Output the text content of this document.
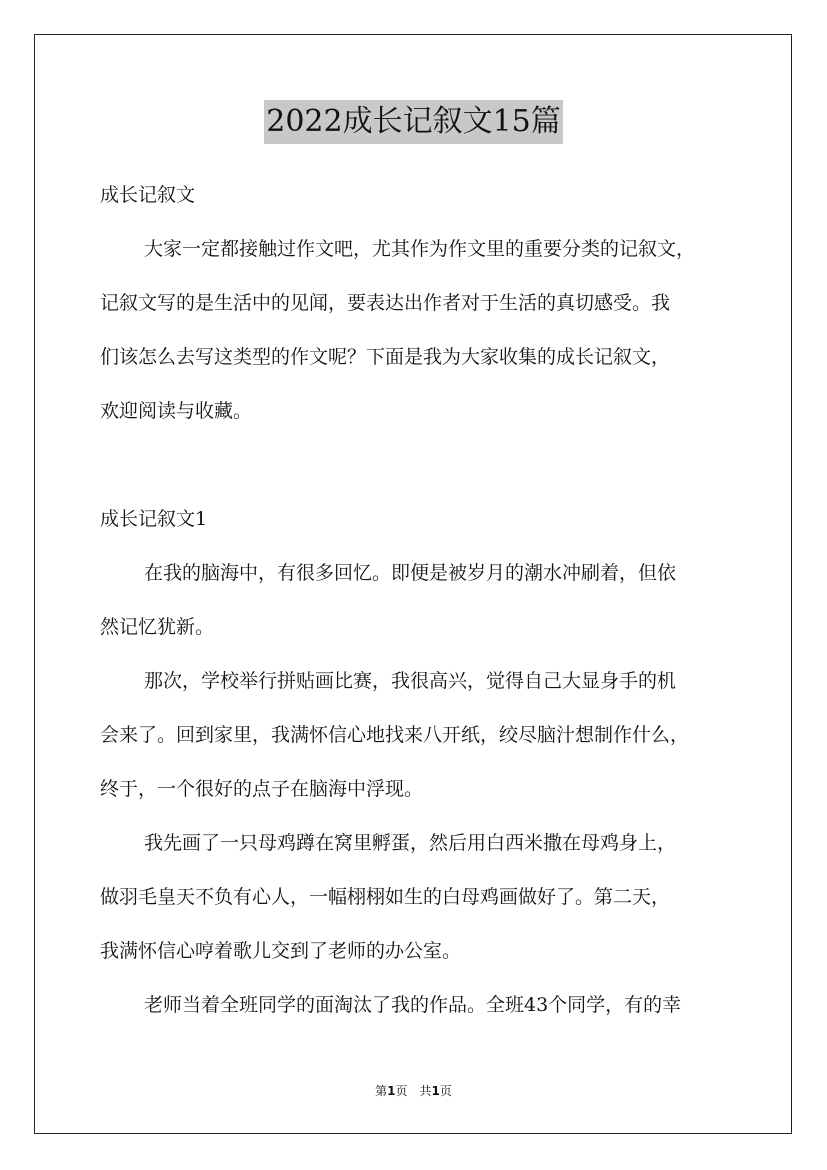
2022成长记叙文15篇
成长记叙文
大家一定都接触过作文吧，尤其作为作文里的重要分类的记叙文，
记叙文写的是生活中的见闻，要表达出作者对于生活的真切感受。我
们该怎么去写这类型的作文呢？下面是我为大家收集的成长记叙文，
欢迎阅读与收藏。
成长记叙文1
在我的脑海中，有很多回忆。即便是被岁月的潮水冲刷着，但依
然记忆犹新。
那次，学校举行拼贴画比赛，我很高兴，觉得自己大显身手的机
会来了。回到家里，我满怀信心地找来八开纸，绞尽脑汁想制作什么，
终于，一个很好的点子在脑海中浮现。
我先画了一只母鸡蹲在窝里孵蛋，然后用白西米撒在母鸡身上，
做羽毛皇天不负有心人，一幅栩栩如生的白母鸡画做好了。第二天，
我满怀信心哼着歌儿交到了老师的办公室。
老师当着全班同学的面淘汰了我的作品。全班43个同学，有的幸
第1页　共1页
